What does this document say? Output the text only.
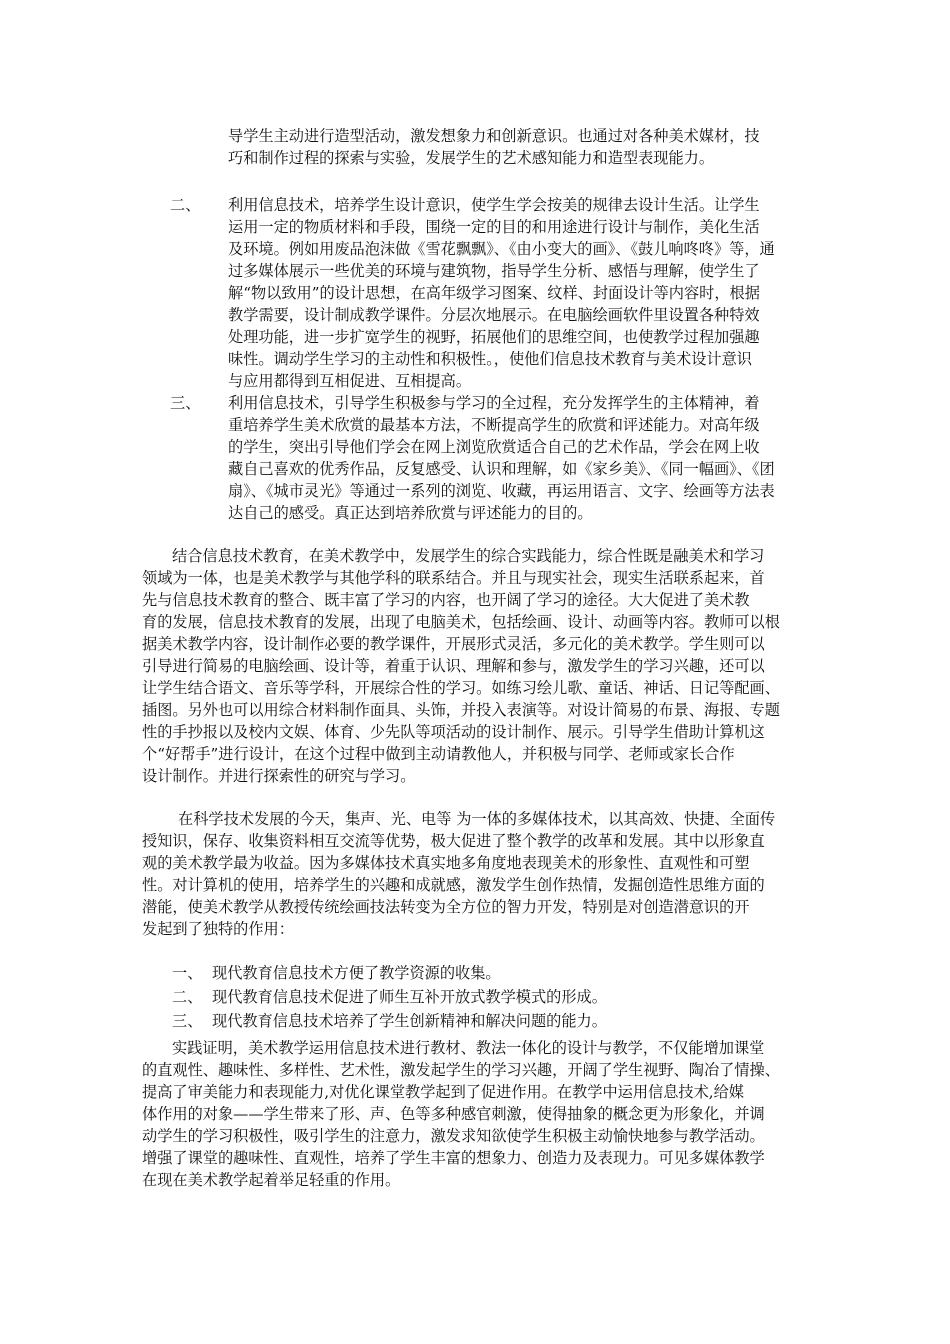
导学生主动进行造型活动，激发想象力和创新意识。也通过对各种美术媒材，技
巧和制作过程的探索与实验，发展学生的艺术感知能力和造型表现能力。
二、 利用信息技术，培养学生设计意识，使学生学会按美的规律去设计生活。让学生
运用一定的物质材料和手段，围绕一定的目的和用途进行设计与制作，美化生活
及环境。例如用废品泡沫做《雪花飘飘》、《由小变大的画》、《鼓儿响咚咚》等，通
过多媒体展示一些优美的环境与建筑物，指导学生分析、感悟与理解，使学生了
解“物以致用”的设计思想，在高年级学习图案、纹样、封面设计等内容时，根据
教学需要，设计制成教学课件。分层次地展示。在电脑绘画软件里设置各种特效
处理功能，进一步扩宽学生的视野，拓展他们的思维空间，也使教学过程加强趣
味性。调动学生学习的主动性和积极性。，使他们信息技术教育与美术设计意识
与应用都得到互相促进、互相提高。
三、 利用信息技术，引导学生积极参与学习的全过程，充分发挥学生的主体精神，着
重培养学生美术欣赏的最基本方法，不断提高学生的欣赏和评述能力。对高年级
的学生，突出引导他们学会在网上浏览欣赏适合自己的艺术作品，学会在网上收
藏自己喜欢的优秀作品，反复感受、认识和理解，如《家乡美》、《同一幅画》、《团
扇》、《城市灵光》等通过一系列的浏览、收藏，再运用语言、文字、绘画等方法表
达自己的感受。真正达到培养欣赏与评述能力的目的。
结合信息技术教育，在美术教学中，发展学生的综合实践能力，综合性既是融美术和学习
领域为一体，也是美术教学与其他学科的联系结合。并且与现实社会，现实生活联系起来，首
先与信息技术教育的整合、既丰富了学习的内容，也开阔了学习的途径。大大促进了美术教
育的发展，信息技术教育的发展，出现了电脑美术，包括绘画、设计、动画等内容。教师可以根
据美术教学内容，设计制作必要的教学课件，开展形式灵活，多元化的美术教学。学生则可以
引导进行简易的电脑绘画、设计等，着重于认识、理解和参与，激发学生的学习兴趣，还可以
让学生结合语文、音乐等学科，开展综合性的学习。如练习绘儿歌、童话、神话、日记等配画、
插图。另外也可以用综合材料制作面具、头饰，并投入表演等。对设计简易的布景、海报、专题
性的手抄报以及校内文娱、体育、少先队等项活动的设计制作、展示。引导学生借助计算机这
个“好帮手”进行设计，在这个过程中做到主动请教他人，并积极与同学、老师或家长合作
设计制作。并进行探索性的研究与学习。
在科学技术发展的今天，集声、光、电等 为一体的多媒体技术，以其高效、快捷、全面传
授知识，保存、收集资料相互交流等优势，极大促进了整个教学的改革和发展。其中以形象直
观的美术教学最为收益。因为多媒体技术真实地多角度地表现美术的形象性、直观性和可塑
性。对计算机的使用，培养学生的兴趣和成就感，激发学生创作热情，发掘创造性思维方面的
潜能，使美术教学从教授传统绘画技法转变为全方位的智力开发，特别是对创造潜意识的开
发起到了独特的作用：
一、 现代教育信息技术方便了教学资源的收集。
二、 现代教育信息技术促进了师生互补开放式教学模式的形成。
三、 现代教育信息技术培养了学生创新精神和解决问题的能力。
实践证明，美术教学运用信息技术进行教材、教法一体化的设计与教学，不仅能增加课堂
的直观性、趣味性、多样性、艺术性，激发起学生的学习兴趣，开阔了学生视野、陶冶了情操、
提高了审美能力和表现能力,对优化课堂教学起到了促进作用。在教学中运用信息技术,给媒
体作用的对象——学生带来了形、声、色等多种感官刺激，使得抽象的概念更为形象化，并调
动学生的学习积极性，吸引学生的注意力，激发求知欲使学生积极主动愉快地参与教学活动。
增强了课堂的趣味性、直观性，培养了学生丰富的想象力、创造力及表现力。可见多媒体教学
在现在美术教学起着举足轻重的作用。
